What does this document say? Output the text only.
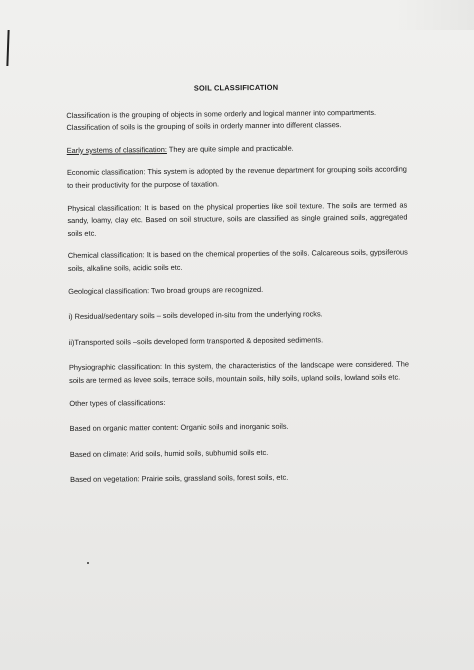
SOIL CLASSIFICATION

Classification is the grouping of objects in some orderly and logical manner into compartments.
Classification of soils is the grouping of soils in orderly manner into different classes.

Early systems of classification: They are quite simple and practicable.

Economic classification: This system is adopted by the revenue department for grouping soils according to their productivity for the purpose of taxation.

Physical classification: It is based on the physical properties like soil texture. The soils are termed as sandy, loamy, clay etc. Based on soil structure, soils are classified as single grained soils, aggregated soils etc.

Chemical classification: It is based on the chemical properties of the soils. Calcareous soils, gypsiferous soils, alkaline soils, acidic soils etc.

Geological classification: Two broad groups are recognized.

i) Residual/sedentary soils – soils developed in-situ from the underlying rocks.

ii)Transported soils –soils developed form transported & deposited sediments.

Physiographic classification: In this system, the characteristics of the landscape were considered. The soils are termed as levee soils, terrace soils, mountain soils, hilly soils, upland soils, lowland soils etc.

Other types of classifications:

Based on organic matter content: Organic soils and inorganic soils.

Based on climate: Arid soils, humid soils, subhumid soils etc.

Based on vegetation: Prairie soils, grassland soils, forest soils, etc.
